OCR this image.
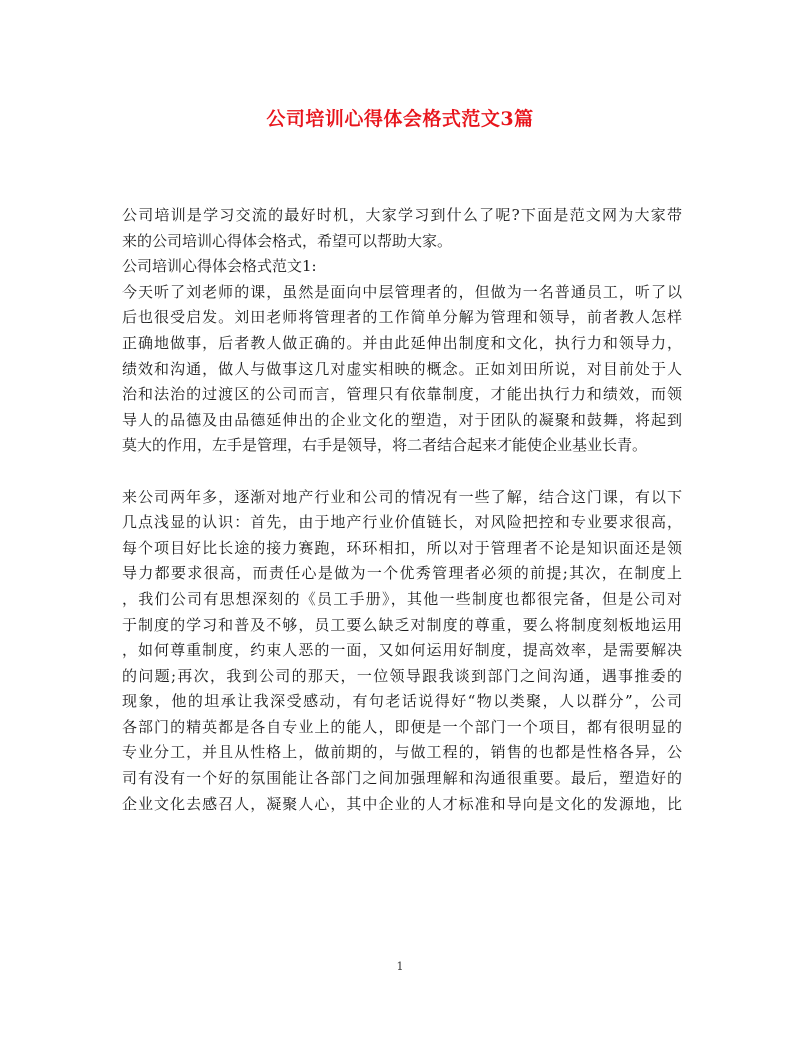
公司培训心得体会格式范文3篇
公司培训是学习交流的最好时机，大家学习到什么了呢?下面是范文网为大家带
来的公司培训心得体会格式，希望可以帮助大家。
公司培训心得体会格式范文1:
今天听了刘老师的课，虽然是面向中层管理者的，但做为一名普通员工，听了以
后也很受启发。刘田老师将管理者的工作简单分解为管理和领导，前者教人怎样
正确地做事，后者教人做正确的。并由此延伸出制度和文化，执行力和领导力，
绩效和沟通，做人与做事这几对虚实相映的概念。正如刘田所说，对目前处于人
治和法治的过渡区的公司而言，管理只有依靠制度，才能出执行力和绩效，而领
导人的品德及由品德延伸出的企业文化的塑造，对于团队的凝聚和鼓舞，将起到
莫大的作用，左手是管理，右手是领导，将二者结合起来才能使企业基业长青。
来公司两年多，逐渐对地产行业和公司的情况有一些了解，结合这门课，有以下
几点浅显的认识：首先，由于地产行业价值链长，对风险把控和专业要求很高，
每个项目好比长途的接力赛跑，环环相扣，所以对于管理者不论是知识面还是领
导力都要求很高，而责任心是做为一个优秀管理者必须的前提;其次，在制度上
，我们公司有思想深刻的《员工手册》，其他一些制度也都很完备，但是公司对
于制度的学习和普及不够，员工要么缺乏对制度的尊重，要么将制度刻板地运用
，如何尊重制度，约束人恶的一面，又如何运用好制度，提高效率，是需要解决
的问题;再次，我到公司的那天，一位领导跟我谈到部门之间沟通，遇事推委的
现象，他的坦承让我深受感动，有句老话说得好“物以类聚，人以群分”，公司
各部门的精英都是各自专业上的能人，即便是一个部门一个项目，都有很明显的
专业分工，并且从性格上，做前期的，与做工程的，销售的也都是性格各异，公
司有没有一个好的氛围能让各部门之间加强理解和沟通很重要。最后，塑造好的
企业文化去感召人，凝聚人心，其中企业的人才标准和导向是文化的发源地，比
1
